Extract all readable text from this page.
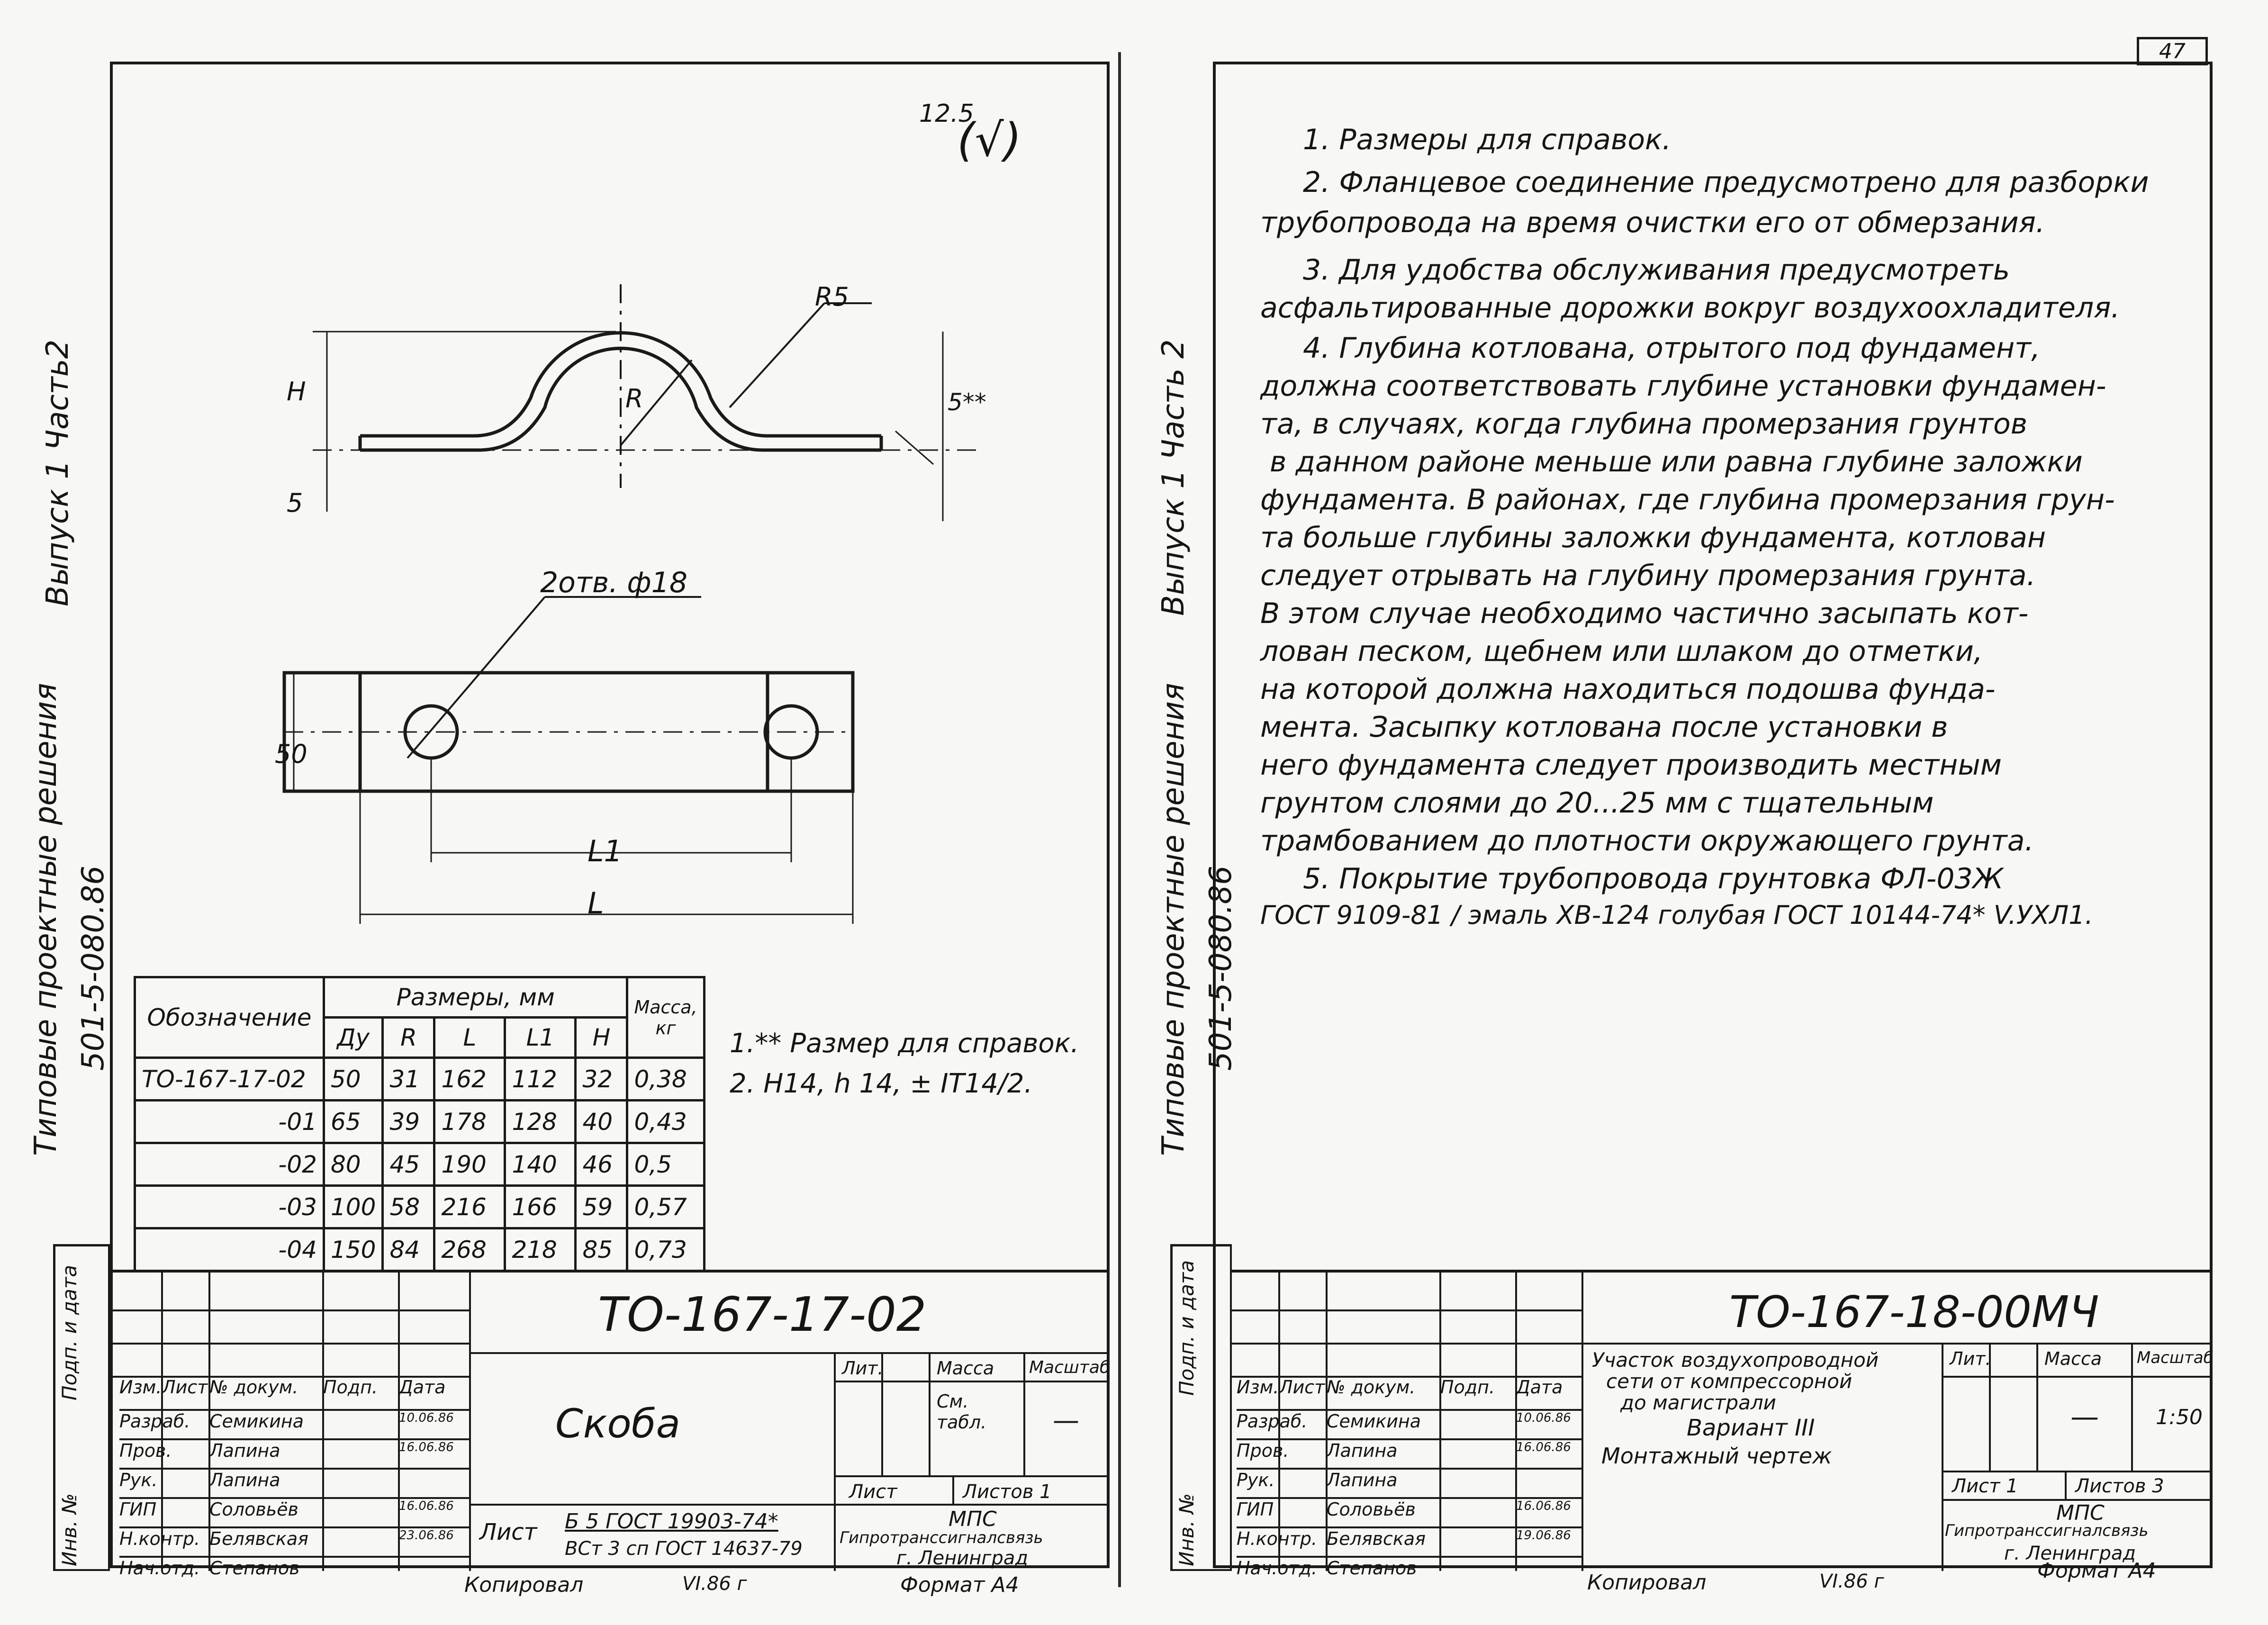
Типовые проектные решения 501-5-080.86
Выпуск 1 Часть2
12.5
(√)
R5
R
H
5
5**
2отв. ф18
50
L1
L
Обозначение	Размеры, мм					Масса, кг
	Ду	R	L	L1	H	
ТО-167-17-02	50	31	162	112	32	0,38
-01	65	39	178	128	40	0,43
-02	80	45	190	140	46	0,5
-03	100	58	216	166	59	0,57
-04	150	84	268	218	85	0,73
1.** Размер для справок.
2. H14, h 14, ± IT14/2.
Подп. и дата
Инв. №
Изм. Лист № докум.	Подп.	Дата
Разраб.	Семикина	10.06.86
Пров.	Лапина	16.06.86
Рук.	Лапина
ГИП	Соловьёв	16.06.86
Н.контр. Белявская	23.06.86
Нач.отд. Степанов
ТО-167-17-02
Скоба
Лит.	Масса Масштаб
См. табл.	—
Лист	Листов 1
Лист Б 5 ГОСТ 19903-74*
ВСт 3 сп ГОСТ 14637-79
МПС
Гипротранссигналсвязь
г. Ленинград
Копировал	VI.86 г	Формат А4
47
Типовые проектные решения 501-5-080.86
Выпуск 1 Часть 2
1. Размеры для справок.
2. Фланцевое соединение предусмотрено для разборки
трубопровода на время очистки его от обмерзания.
3. Для удобства обслуживания предусмотреть
асфальтированные дорожки вокруг воздухоохладителя.
4. Глубина котлована, отрытого под фундамент,
должна соответствовать глубине установки фундамен-
та, в случаях, когда глубина промерзания грунтов
в данном районе меньше или равна глубине заложки
фундамента. В районах, где глубина промерзания грун-
та больше глубины заложки фундамента, котлован
следует отрывать на глубину промерзания грунта.
В этом случае необходимо частично засыпать кот-
лован песком, щебнем или шлаком до отметки,
на которой должна находиться подошва фунда-
мента. Засыпку котлована после установки в
него фундамента следует производить местным
грунтом слоями до 20...25 мм с тщательным
трамбованием до плотности окружающего грунта.
5. Покрытие трубопровода грунтовка ФЛ-03Ж
ГОСТ 9109-81 / эмаль ХВ-124 голубая ГОСТ 10144-74* V.УХЛ1.
Подп. и дата
Инв. №
Изм. Лист № докум.	Подп.	Дата
Разраб.	Семикина	10.06.86
Пров.	Лапина	16.06.86
Рук.	Лапина
ГИП	Соловьёв	16.06.86
Н.контр. Белявская	19.06.86
Нач.отд. Степанов
ТО-167-18-00МЧ
Участок воздухопроводной
сети от компрессорной
до магистрали
Вариант III
Монтажный чертеж
Лит.	Масса Масштаб
—	1:50
Лист 1	Листов 3
МПС
Гипротранссигналсвязь
г. Ленинград
Копировал	VI.86 г	Формат А4
